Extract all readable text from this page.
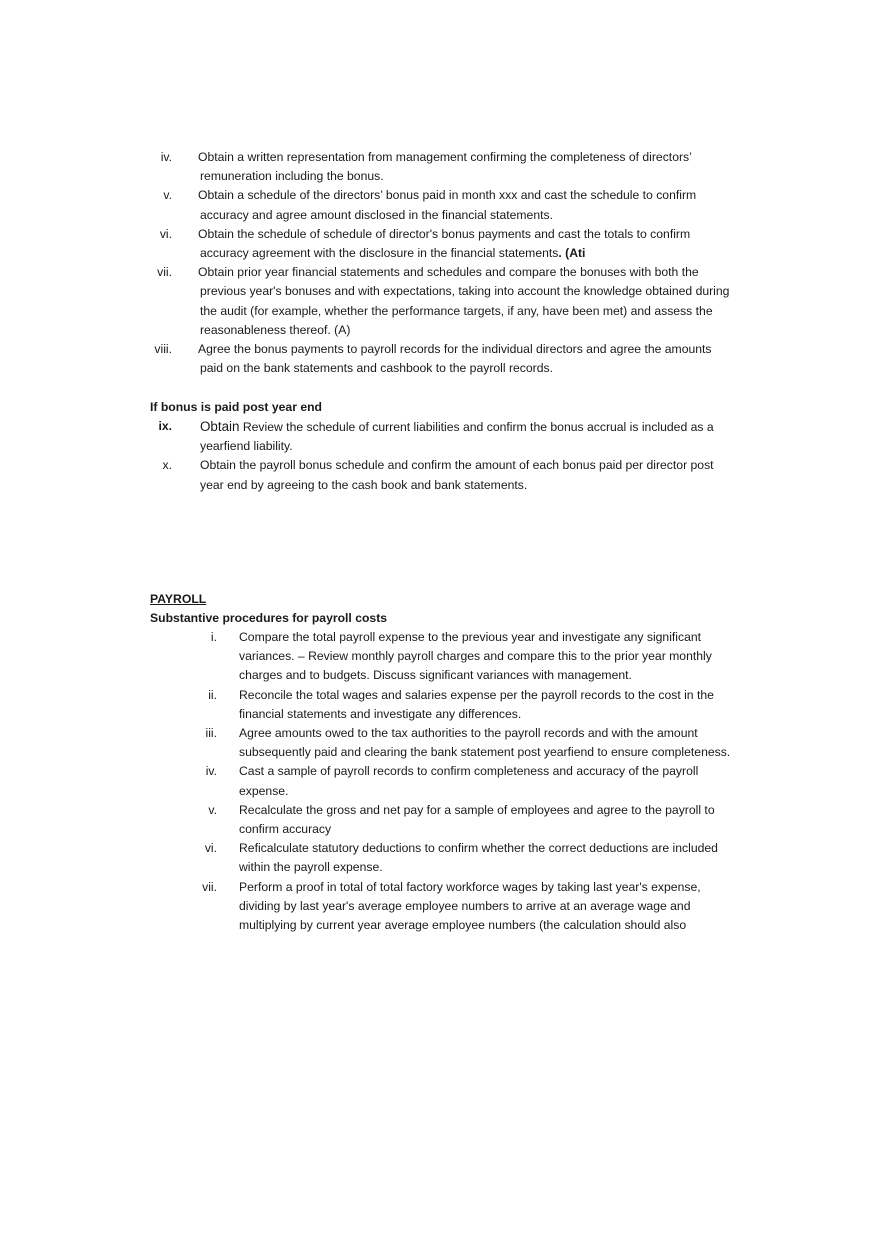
iv. Obtain a written representation from management confirming the completeness of directors’ remuneration including the bonus.
v. Obtain a schedule of the directors’ bonus paid in month xxx and cast the schedule to confirm accuracy and agree amount disclosed in the financial statements.
vi. Obtain the schedule of schedule of director's bonus payments and cast the totals to confirm accuracy agreement with the disclosure in the financial statements. (Ati
vii. Obtain prior year financial statements and schedules and compare the bonuses with both the previous year's bonuses and with expectations, taking into account the knowledge obtained during the audit (for example, whether the performance targets, if any, have been met) and assess the reasonableness thereof. (A)
viii. Agree the bonus payments to payroll records for the individual directors and agree the amounts paid on the bank statements and cashbook to the payroll records.
If bonus is paid post year end
ix. Obtain Review the schedule of current liabilities and confirm the bonus accrual is included as a yearfiend liability.
x. Obtain the payroll bonus schedule and confirm the amount of each bonus paid per director post year end by agreeing to the cash book and bank statements.
PAYROLL
Substantive procedures for payroll costs
i. Compare the total payroll expense to the previous year and investigate any significant variances. – Review monthly payroll charges and compare this to the prior year monthly charges and to budgets. Discuss significant variances with management.
ii. Reconcile the total wages and salaries expense per the payroll records to the cost in the financial statements and investigate any differences.
iii. Agree amounts owed to the tax authorities to the payroll records and with the amount subsequently paid and clearing the bank statement post yearfiend to ensure completeness.
iv. Cast a sample of payroll records to confirm completeness and accuracy of the payroll expense.
v. Recalculate the gross and net pay for a sample of employees and agree to the payroll to confirm accuracy
vi. Reficalculate statutory deductions to confirm whether the correct deductions are included within the payroll expense.
vii. Perform a proof in total of total factory workforce wages by taking last year's expense, dividing by last year's average employee numbers to arrive at an average wage and multiplying by current year average employee numbers (the calculation should also
